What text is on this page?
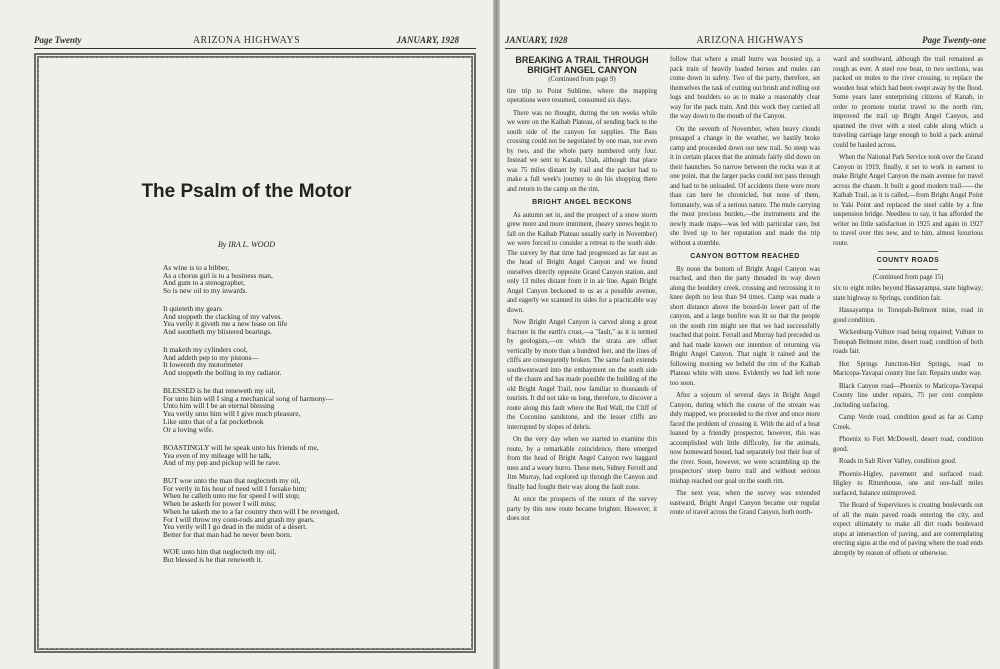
Page Twenty	ARIZONA HIGHWAYS	JANUARY, 1928
The Psalm of the Motor
By IRA L. WOOD
As wine is to a bibber,
As a chorus girl is to a business man,
And gum to a stenographer,
So is new oil to my inwards.
It quieteth my gears
And stoppeth the clacking of my valves.
Yea verily it giveth me a new lease on life
And soottheth my blistered bearings.
It maketh my cylinders cool,
And addeth pep to my pistons—
It lowereth my motormeter
And stoppeth the boiling in my radiator.
BLESSED is he that reneweth my oil,
For unto him will I sing a mechanical song of harmony—
Unto him will I be an eternal blessing
Yea verily unto him will I give much pleasure,
Like unto that of a fat pocketbook
Or a loving wife.
BOASTINGLY will he speak unto his friends of me,
Yea even of my mileage will he talk,
And of my pep and pickup will he rave.
BUT woe unto the man that neglecteth my oil,
For verily in his hour of need will I forsake him;
When he calleth unto me for speed I will stop;
When he asketh for power I will miss;
When he taketh me to a far country then will I be revenged,
For I will throw my conn-rods and gnash my gears.
Yea verily will I go dead in the midst of a desert.
Better for that man had he never been born.
WOE unto him that neglecteth my oil,
But blessed is he that reneweth it.
JANUARY, 1928	ARIZONA HIGHWAYS	Page Twenty-one
BREAKING A TRAIL THROUGH BRIGHT ANGEL CANYON

(Continued from page 9)

tire trip to Point Sublime, where the mapping operations were resumed, consumed six days.

There was no thought, during the ten weeks while we were on the Kaibab Plateau, of sending back to the south side of the canyon for supplies. The Bass crossing could not be negotiated by one man, nor even by two, and the whole party numbered only four. Instead we sent to Kanab, Utah, although that place was 75 miles distant by trail and the packer had to make a full week's journey to do his shopping there and return to the camp on the rim.

BRIGHT ANGEL BECKONS

As autumn set in, and the prospect of a snow storm grew more and more imminent, (heavy snows begin to fall on the Kaibab Plateau usually early in November) we were forced to consider a retreat to the south side. The survey by that time had progressed as far east as the head of Bright Angel Canyon and we found ourselves directly opposite Grand Canyon station, and only 13 miles distant from it in air line. Again Bright Angel Canyon beckoned to us as a possible avenue, and eagerly we scanned its sides for a practicable way down.

Now Bright Angel Canyon is carved along a great fracture in the earth's crust,—a "fault," as it is termed by geologists,—on which the strata are offset vertically by more than a hundred feet, and the lines of cliffs are consequently broken. The same fault extends southwestward into the embayment on the south side of the chasm and has made possible the building of the old Bright Angel Trail, now familiar to thousands of tourists. It did not take us long, therefore, to discover a route along this fault where the Red Wall, the Cliff of the Coconino sandstone, and the lesser cliffs are interrupted by slopes of debris.

On the very day when we started to examine this route, by a remarkable coincidence, there emerged from the head of Bright Angel Canyon two haggard men and a weary burro. These men, Sidney Ferrell and Jim Murray, had explored up through the Canyon and finally had fought their way along the fault zone.

At once the prospects of the return of the survey party by this new route became brighter. However, it does not

follow that where a small burro was boosted up, a pack train of heavily loaded horses and mules can come down in safety. Two of the party, therefore, set themselves the task of cutting out brush and rolling out logs and boulders so as to make a reasonably clear way for the pack train. And this work they carried all the way down to the mouth of the Canyon.

On the seventh of November, when heavy clouds presaged a change in the weather, we hastily broke camp and proceeded down our new trail. So steep was it in certain places that the animals fairly slid down on their haunches. So narrow between the rocks was it at one point, that the larger packs could not pass through and had to be unloaded. Of accidents there were more than can here be chronicled, but none of them, fortunately, was of a serious nature. The mule carrying the most precious burden,—the instruments and the newly made maps—was led with particular care, but she lived up to her reputation and made the trip without a stumble.

CANYON BOTTOM REACHED

By noon the bottom of Bright Angel Canyon was reached, and then the party threaded its way down along the bouldery creek, crossing and recrossing it to knee depth no less than 94 times. Camp was made a short distance above the boxed-in lower part of the canyon, and a large bonfire was lit so that the people on the south rim might see that we had successfully reached that point. Ferrall and Murray had preceded us and had made known our intention of returning via Bright Angel Canyon. That night it rained and the following morning we beheld the rim of the Kaibab Plateau white with snow. Evidently we had left none too soon.

After a sojourn of several days in Bright Angel Canyon, during which the course of the stream was duly mapped, we proceeded to the river and once more faced the problem of crossing it. With the aid of a boat loaned by a friendly prospector, however, this was accomplished with little difficulty, for the animals, now homeward bound, had separately lost their fear of the river. Soon, however, we were scrambling up the prospectors' steep burro trail and without serious mishap reached our goal on the south rim.

The next year, when the survey was extended eastward, Bright Angel Canyon became our regular route of travel across the Grand Canyon, both north-

ward and southward, although the trail remained as rough as ever. A steel row boat, in two sections, was packed on mules to the river crossing, to replace the wooden boat which had been swept away by the flood. Some years later enterprising citizens of Kanab, in order to promote tourist travel to the north rim, improved the trail up Bright Angel Canyon, and spanned the river with a steel cable along which a traveling carriage large enough to hold a pack animal could be hauled across.

When the National Park Service took over the Grand Canyon in 1919, finally, it set to work in earnest to make Bright Angel Canyon the main avenue for travel across the chasm. It built a good modern trail——the Kaibab Trail, as it is called,—from Bright Angel Point to Yaki Point and replaced the steel cable by a fine suspension bridge. Needless to say, it has afforded the writer no little satisfaction in 1925 and again in 1927 to travel over this new, and to him, almost luxurious route.

COUNTY ROADS

(Continued from page 15)

six to eight miles beyond Hassayampa, state highway; state highway to Springs, condition fair.

Hassayampa to Tonopah-Belmont mine, road in good condition.

Wickenburg-Vulture road being repaired; Vulture to Tonopah Belmont mine, desert road; condition of both roads fair.

Hot Springs Junction-Hot Springs, road to Maricopa-Yavapai county line fair. Repairs under way.

Black Canyon road—Phoenix to Maricopa-Yavapai County line under repairs, 75 per cent complete ,including surfacing.

Camp Verde road, condition good as far as Camp Creek.

Phoenix to Fort McDowell, desert road, condition good.

Roads in Salt River Valley, condition good.

Phoenix-Higley, pavement and surfaced road; Higley to Rittenhouse, one and one-half miles surfaced, balance unimproved.

The Board of Supervisors is creating boulevards out of all the main paved roads entering the city, and expect ultimately to make all dirt roads boulevard stops at intersection of paving, and are contemplating erecting signs at the end of paving where the road ends abruptly by reason of offsets or otherwise.
